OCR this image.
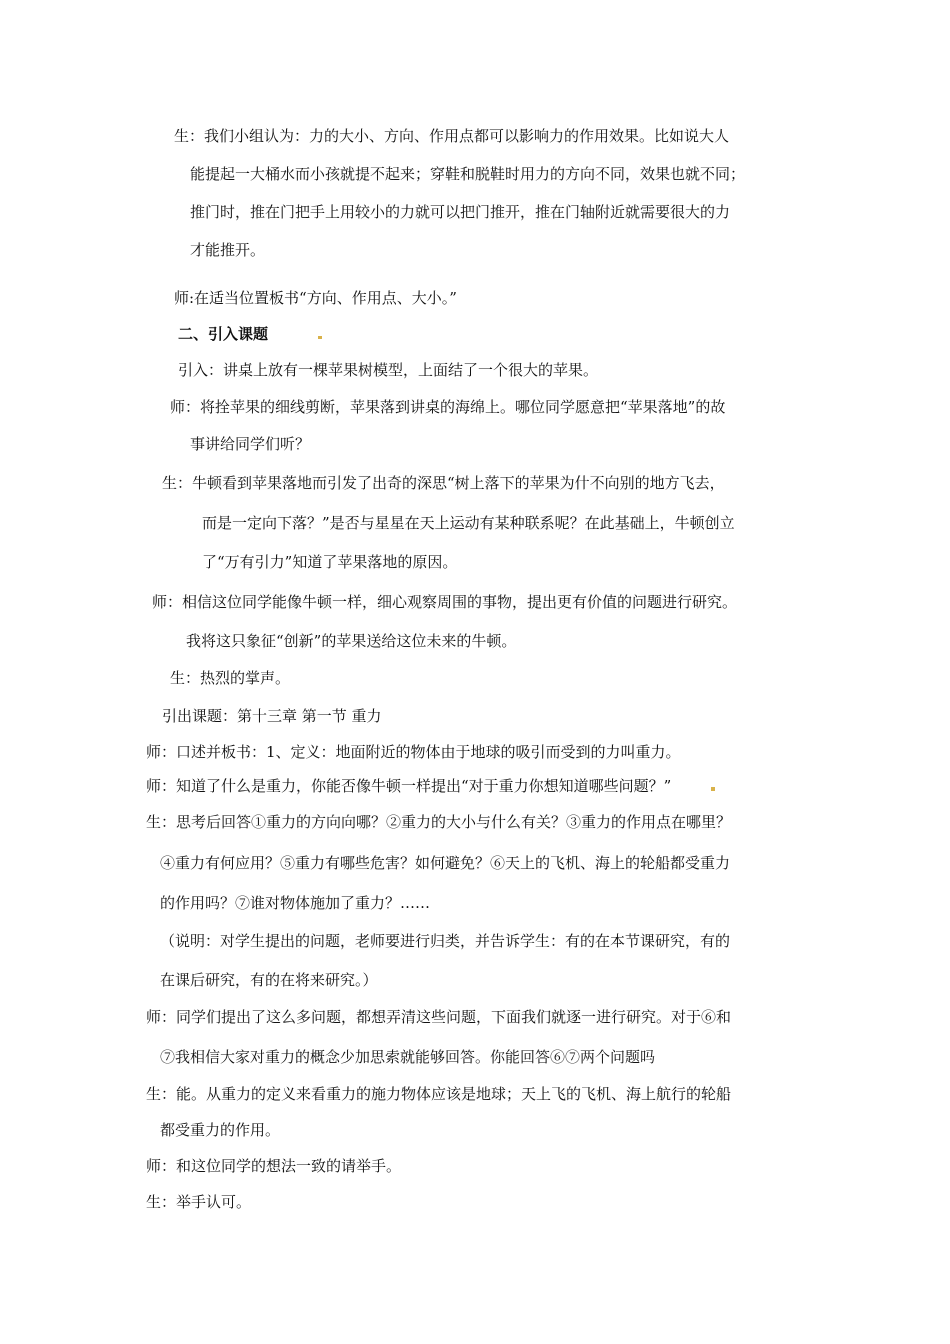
生：我们小组认为：力的大小、方向、作用点都可以影响力的作用效果。比如说大人
能提起一大桶水而小孩就提不起来；穿鞋和脱鞋时用力的方向不同，效果也就不同；
推门时，推在门把手上用较小的力就可以把门推开，推在门轴附近就需要很大的力
才能推开。
师:在适当位置板书“方向、作用点、大小。”
二、引入课题
引入：讲桌上放有一棵苹果树模型，上面结了一个很大的苹果。
师：将拴苹果的细线剪断，苹果落到讲桌的海绵上。哪位同学愿意把“苹果落地”的故
事讲给同学们听？
生：牛顿看到苹果落地而引发了出奇的深思“树上落下的苹果为什不向别的地方飞去，
而是一定向下落？”是否与星星在天上运动有某种联系呢？在此基础上，牛顿创立
了“万有引力”知道了苹果落地的原因。
师：相信这位同学能像牛顿一样，细心观察周围的事物，提出更有价值的问题进行研究。
我将这只象征“创新”的苹果送给这位未来的牛顿。
生：热烈的掌声。
引出课题：第十三章 第一节 重力
师：口述并板书：1、定义：地面附近的物体由于地球的吸引而受到的力叫重力。
师：知道了什么是重力，你能否像牛顿一样提出“对于重力你想知道哪些问题？”
生：思考后回答①重力的方向向哪？②重力的大小与什么有关？③重力的作用点在哪里？
④重力有何应用？⑤重力有哪些危害？如何避免？⑥天上的飞机、海上的轮船都受重力
的作用吗？⑦谁对物体施加了重力？……
（说明：对学生提出的问题，老师要进行归类，并告诉学生：有的在本节课研究，有的
在课后研究，有的在将来研究。）
师：同学们提出了这么多问题，都想弄清这些问题，下面我们就逐一进行研究。对于⑥和
⑦我相信大家对重力的概念少加思索就能够回答。你能回答⑥⑦两个问题吗
生：能。从重力的定义来看重力的施力物体应该是地球；天上飞的飞机、海上航行的轮船
都受重力的作用。
师：和这位同学的想法一致的请举手。
生：举手认可。
